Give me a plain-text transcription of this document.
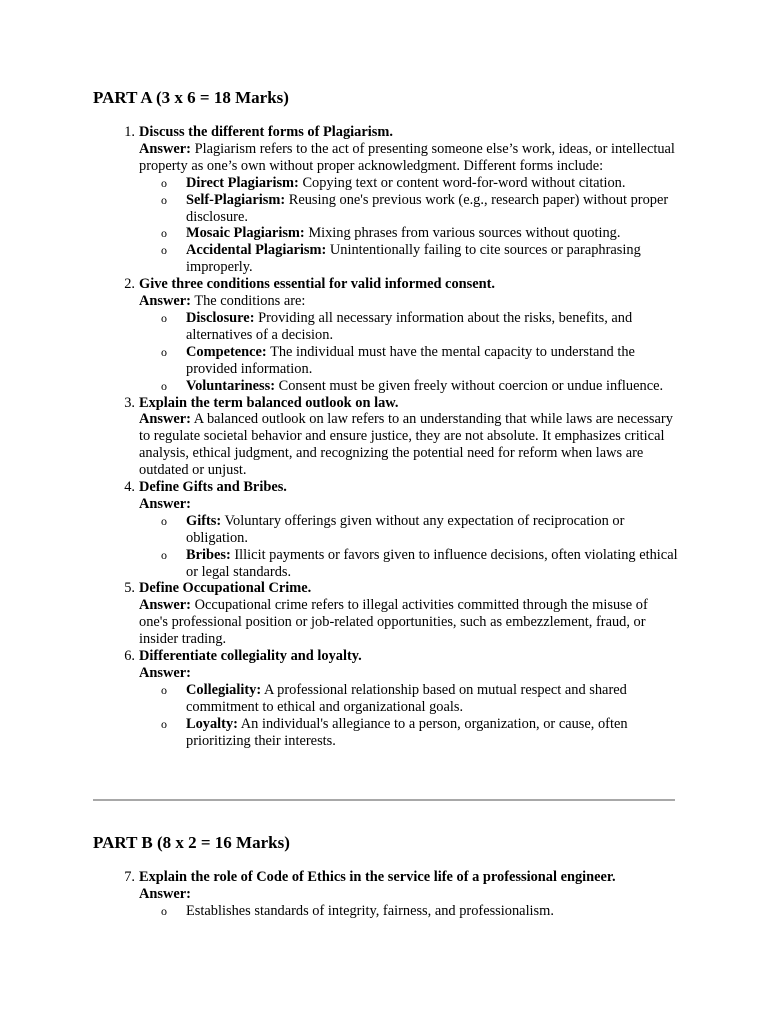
PART A (3 x 6 = 18 Marks)
1. Discuss the different forms of Plagiarism.
Answer: Plagiarism refers to the act of presenting someone else’s work, ideas, or intellectual property as one’s own without proper acknowledgment. Different forms include:
o Direct Plagiarism: Copying text or content word-for-word without citation.
o Self-Plagiarism: Reusing one's previous work (e.g., research paper) without proper disclosure.
o Mosaic Plagiarism: Mixing phrases from various sources without quoting.
o Accidental Plagiarism: Unintentionally failing to cite sources or paraphrasing improperly.
2. Give three conditions essential for valid informed consent.
Answer: The conditions are:
o Disclosure: Providing all necessary information about the risks, benefits, and alternatives of a decision.
o Competence: The individual must have the mental capacity to understand the provided information.
o Voluntariness: Consent must be given freely without coercion or undue influence.
3. Explain the term balanced outlook on law.
Answer: A balanced outlook on law refers to an understanding that while laws are necessary to regulate societal behavior and ensure justice, they are not absolute. It emphasizes critical analysis, ethical judgment, and recognizing the potential need for reform when laws are outdated or unjust.
4. Define Gifts and Bribes.
Answer:
o Gifts: Voluntary offerings given without any expectation of reciprocation or obligation.
o Bribes: Illicit payments or favors given to influence decisions, often violating ethical or legal standards.
5. Define Occupational Crime.
Answer: Occupational crime refers to illegal activities committed through the misuse of one's professional position or job-related opportunities, such as embezzlement, fraud, or insider trading.
6. Differentiate collegiality and loyalty.
Answer:
o Collegiality: A professional relationship based on mutual respect and shared commitment to ethical and organizational goals.
o Loyalty: An individual's allegiance to a person, organization, or cause, often prioritizing their interests.
PART B (8 x 2 = 16 Marks)
7. Explain the role of Code of Ethics in the service life of a professional engineer.
Answer:
o Establishes standards of integrity, fairness, and professionalism.
